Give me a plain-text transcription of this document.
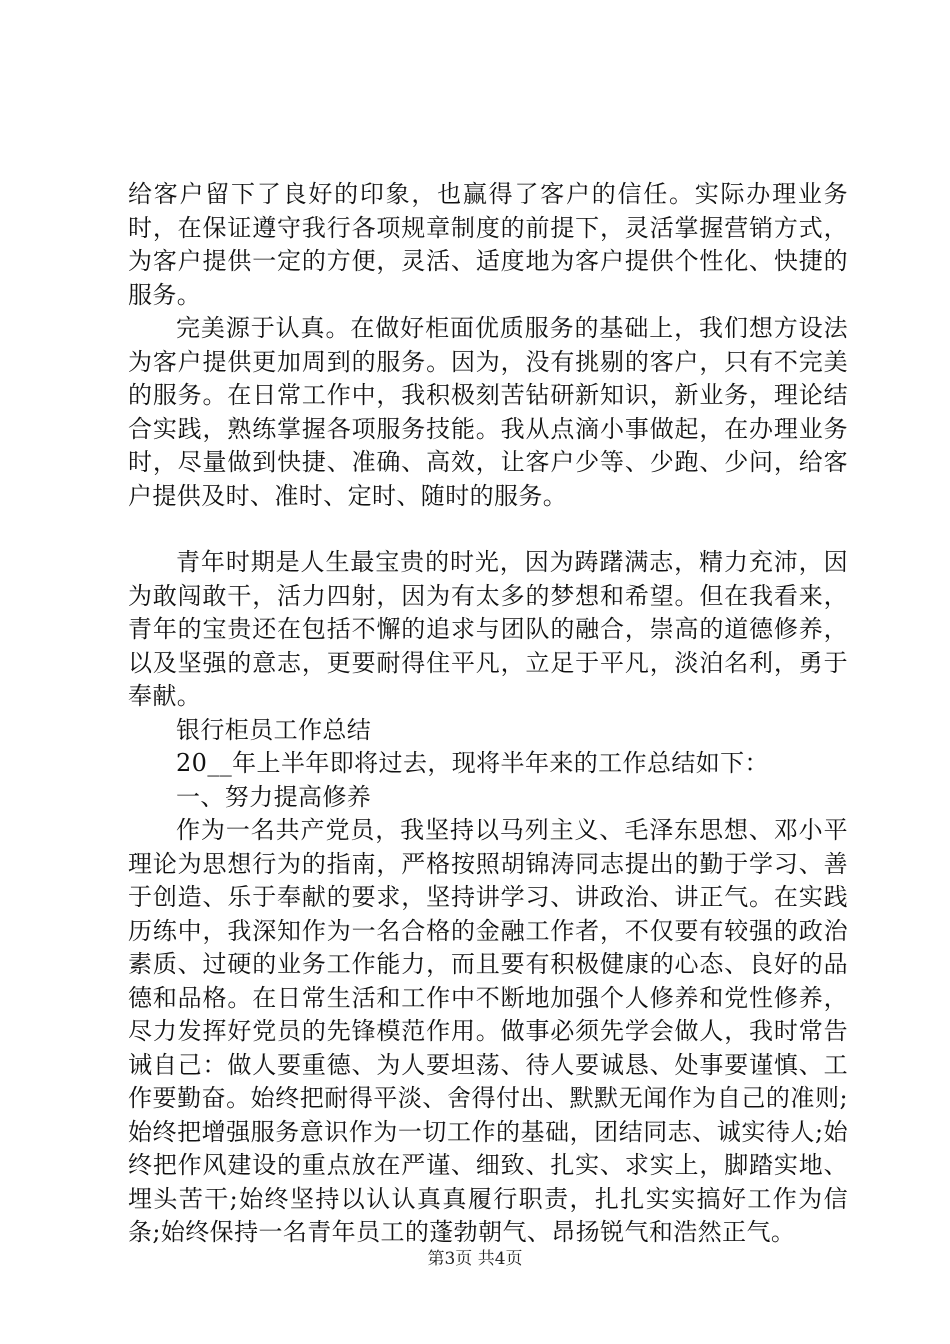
给客户留下了良好的印象，也赢得了客户的信任。实际办理业务时，在保证遵守我行各项规章制度的前提下，灵活掌握营销方式，为客户提供一定的方便，灵活、适度地为客户提供个性化、快捷的服务。

完美源于认真。在做好柜面优质服务的基础上，我们想方设法为客户提供更加周到的服务。因为，没有挑剔的客户，只有不完美的服务。在日常工作中，我积极刻苦钻研新知识，新业务，理论结合实践，熟练掌握各项服务技能。我从点滴小事做起，在办理业务时，尽量做到快捷、准确、高效，让客户少等、少跑、少问，给客户提供及时、准时、定时、随时的服务。

青年时期是人生最宝贵的时光，因为踌躇满志，精力充沛，因为敢闯敢干，活力四射，因为有太多的梦想和希望。但在我看来，青年的宝贵还在包括不懈的追求与团队的融合，崇高的道德修养，以及坚强的意志，更要耐得住平凡，立足于平凡，淡泊名利，勇于奉献。

银行柜员工作总结

20__年上半年即将过去，现将半年来的工作总结如下：

一、努力提高修养

作为一名共产党员，我坚持以马列主义、毛泽东思想、邓小平理论为思想行为的指南，严格按照胡锦涛同志提出的勤于学习、善于创造、乐于奉献的要求，坚持讲学习、讲政治、讲正气。在实践历练中，我深知作为一名合格的金融工作者，不仅要有较强的政治素质、过硬的业务工作能力，而且要有积极健康的心态、良好的品德和品格。在日常生活和工作中不断地加强个人修养和党性修养，尽力发挥好党员的先锋模范作用。做事必须先学会做人，我时常告诫自己：做人要重德、为人要坦荡、待人要诚恳、处事要谨慎、工作要勤奋。始终把耐得平淡、舍得付出、默默无闻作为自己的准则;始终把增强服务意识作为一切工作的基础，团结同志、诚实待人;始终把作风建设的重点放在严谨、细致、扎实、求实上，脚踏实地、埋头苦干;始终坚持以认认真真履行职责，扎扎实实搞好工作为信条;始终保持一名青年员工的蓬勃朝气、昂扬锐气和浩然正气。

第3页 共4页
